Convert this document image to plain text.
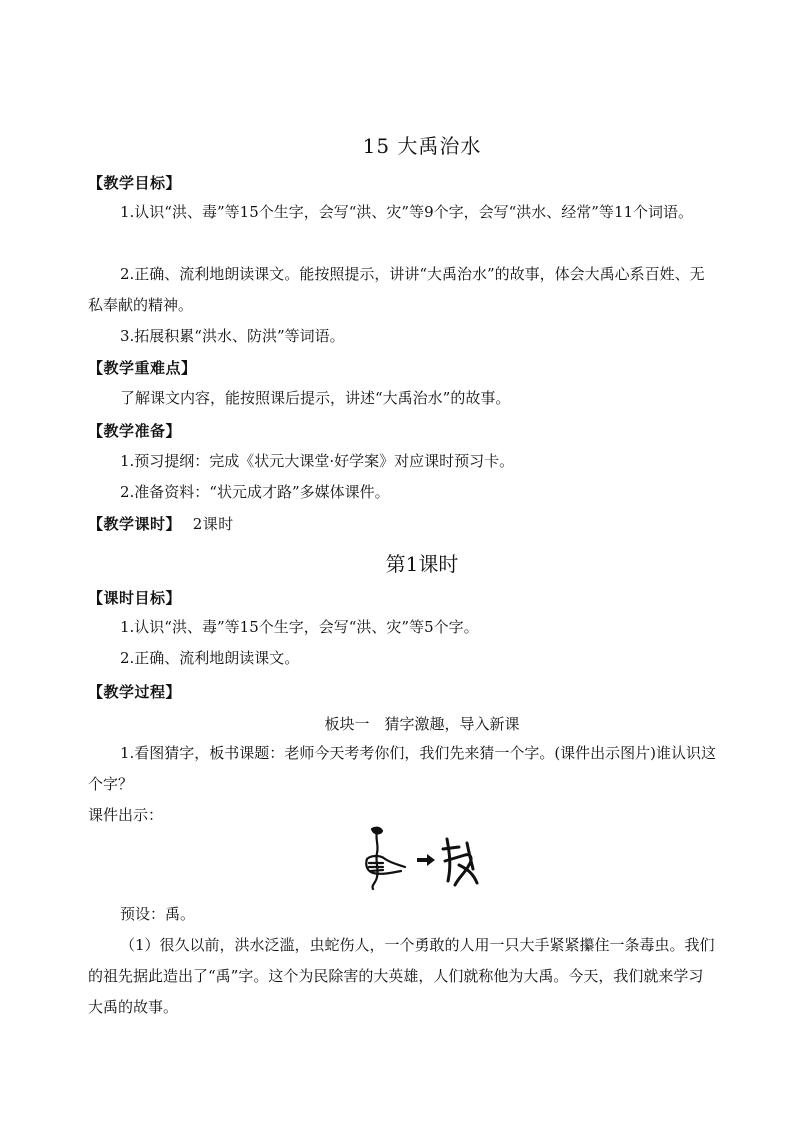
15 大禹治水
【教学目标】
1.认识“洪、毒”等15个生字，会写“洪、灾”等9个字，会写“洪水、经常”等11个词语。
2.正确、流利地朗读课文。能按照提示，讲讲“大禹治水”的故事，体会大禹心系百姓、无私奉献的精神。
3.拓展积累“洪水、防洪”等词语。
【教学重难点】
了解课文内容，能按照课后提示，讲述“大禹治水”的故事。
【教学准备】
1.预习提纲：完成《状元大课堂·好学案》对应课时预习卡。
2.准备资料：“状元成才路”多媒体课件。
【教学课时】 2课时
第1课时
【课时目标】
1.认识“洪、毒”等15个生字，会写“洪、灾”等5个字。
2.正确、流利地朗读课文。
【教学过程】
板块一　猜字激趣，导入新课
1.看图猜字，板书课题：老师今天考考你们，我们先来猜一个字。(课件出示图片)谁认识这个字？
课件出示：
预设：禹。
（1）很久以前，洪水泛滥，虫蛇伤人，一个勇敢的人用一只大手紧紧攥住一条毒虫。我们的祖先据此造出了“禹”字。这个为民除害的大英雄，人们就称他为大禹。今天，我们就来学习大禹的故事。
